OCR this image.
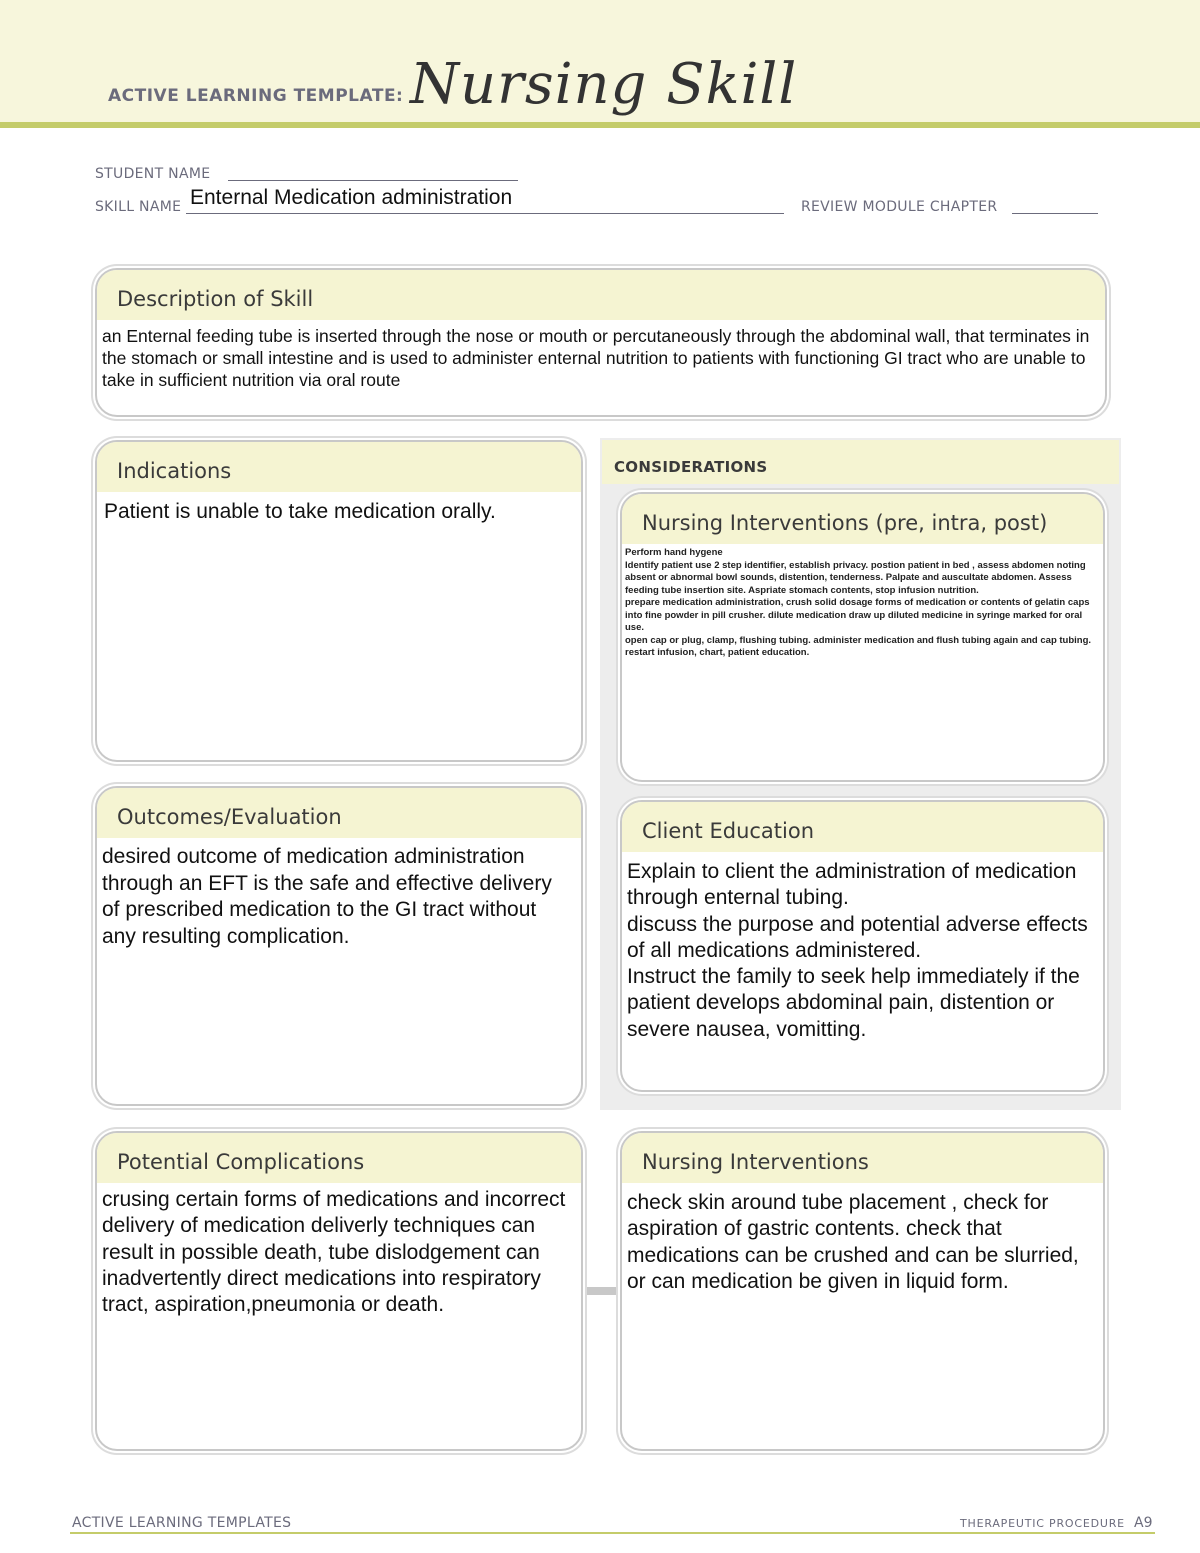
ACTIVE LEARNING TEMPLATE: Nursing Skill
STUDENT NAME
SKILL NAME Enternal Medication administration	REVIEW MODULE CHAPTER
Description of Skill
an Enternal feeding tube is inserted through the nose or mouth or percutaneously through the abdominal wall, that terminates in the stomach or small intestine and is used to administer enternal nutrition to patients with functioning GI tract who are unable to take in sufficient nutrition via oral route
Indications
Patient is unable to take medication orally.
CONSIDERATIONS
Nursing Interventions (pre, intra, post)
Perform hand hygene
Identify patient use 2 step identifier, establish privacy. postion patient in bed , assess abdomen noting absent or abnormal bowl sounds, distention, tenderness. Palpate and auscultate abdomen. Assess feeding tube insertion site. Aspriate stomach contents, stop infusion nutrition.
prepare medication administration, crush solid dosage forms of medication or contents of gelatin caps into fine powder in pill crusher. dilute medication draw up diluted medicine in syringe marked for oral use.
open cap or plug, clamp, flushing tubing. administer medication and flush tubing again and cap tubing.
restart infusion, chart, patient education.
Outcomes/Evaluation
desired outcome of medication administration through an EFT is the safe and effective delivery of prescribed medication to the GI tract without any resulting complication.
Client Education
Explain to client the administration of medication through enternal tubing.
discuss the purpose and potential adverse effects of all medications administered.
Instruct the family to seek help immediately if the patient develops abdominal pain, distention or severe nausea, vomitting.
Potential Complications
crusing certain forms of medications and incorrect delivery of medication deliverly techniques can result in possible death, tube dislodgement can inadvertently direct medications into respiratory tract, aspiration,pneumonia or death.
Nursing Interventions
check skin around tube placement , check for aspiration of gastric contents. check that medications can be crushed and can be slurried, or can medication be given in liquid form.
ACTIVE LEARNING TEMPLATES	THERAPEUTIC PROCEDURE A9
